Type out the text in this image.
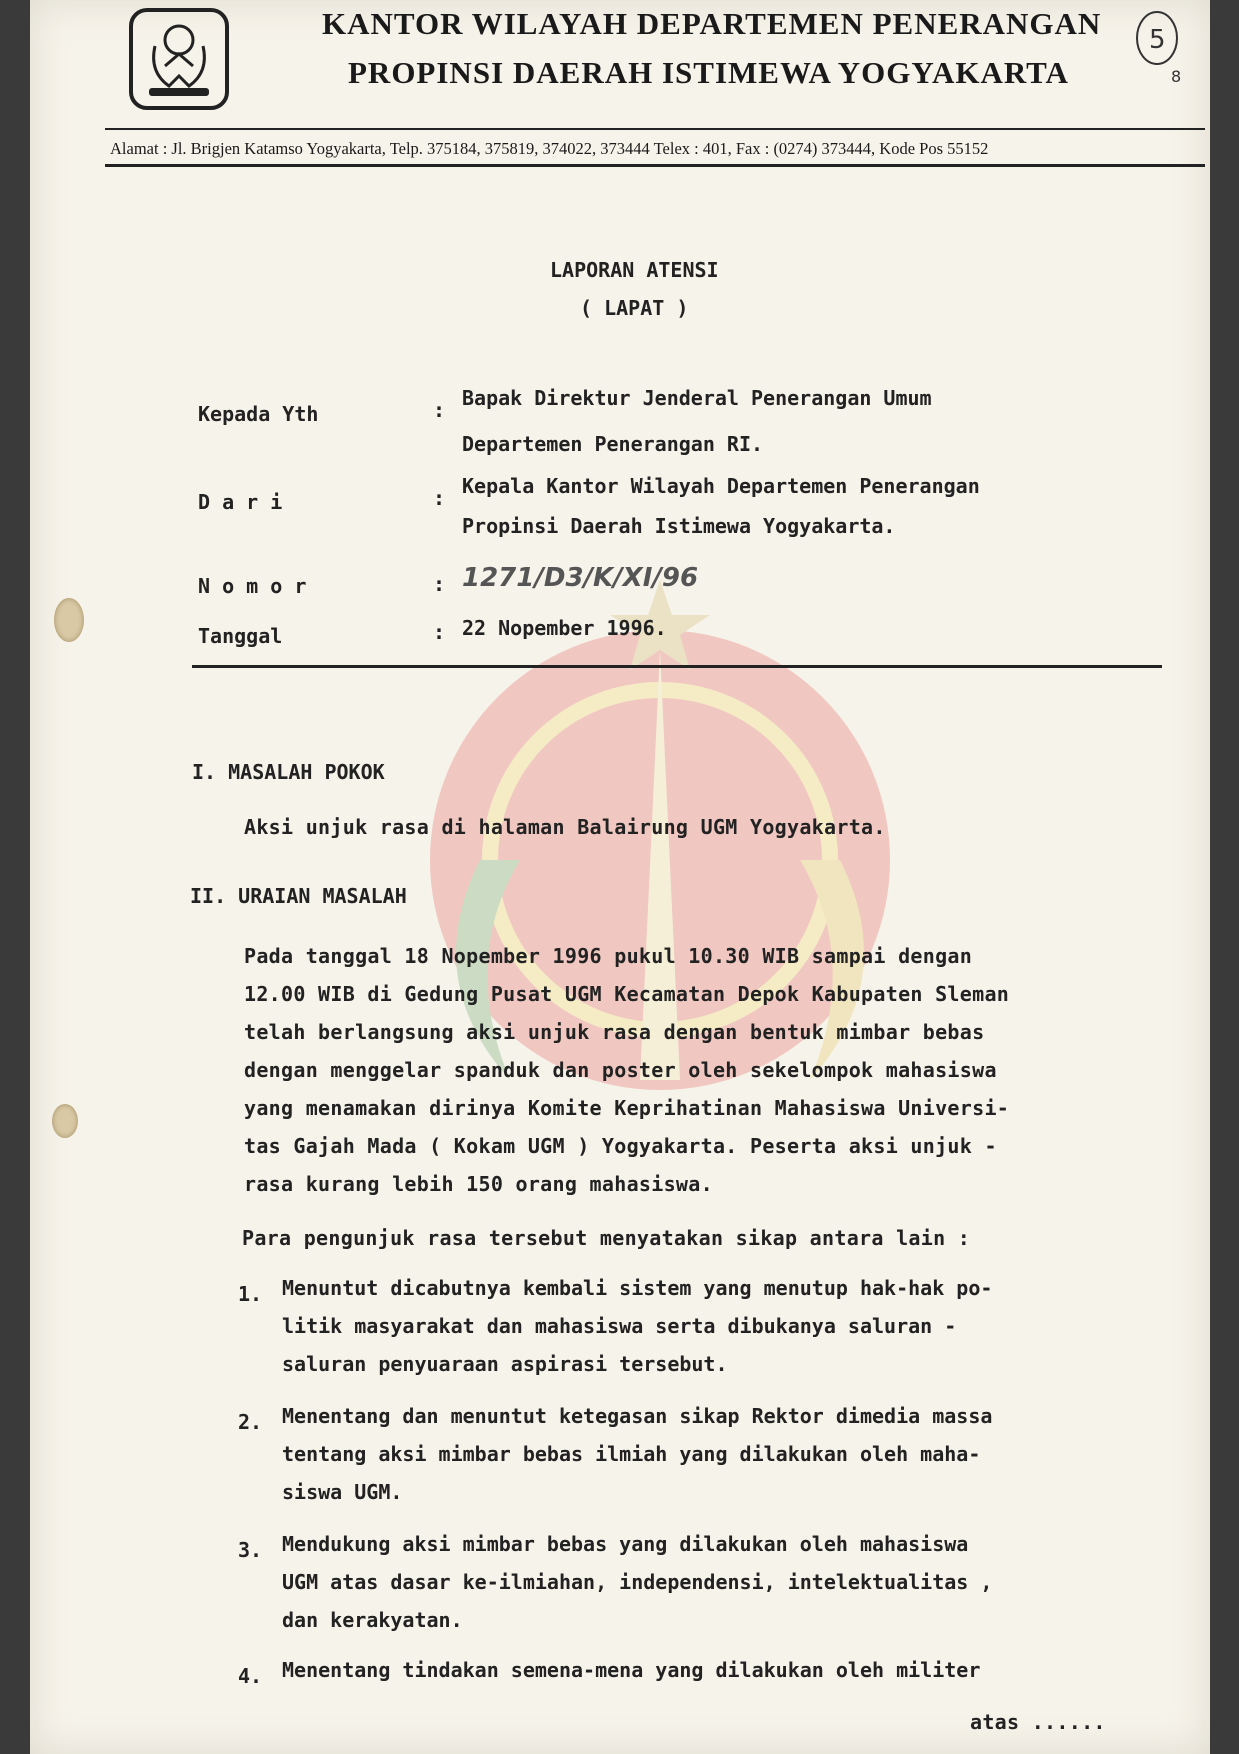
KANTOR WILAYAH DEPARTEMEN PENERANGAN
PROPINSI DAERAH ISTIMEWA YOGYAKARTA
5
8
Alamat : Jl. Brigjen Katamso Yogyakarta, Telp. 375184, 375819, 374022, 373444 Telex : 401, Fax : (0274) 373444, Kode Pos 55152
LAPORAN ATENSI
( LAPAT )
Kepada Yth	: Bapak Direktur Jenderal Penerangan Umum
Departemen Penerangan RI.
D a r i	: Kepala Kantor Wilayah Departemen Penerangan
Propinsi Daerah Istimewa Yogyakarta.
N o m o r	: 1271/D3/K/XI/96
Tanggal	: 22 Nopember 1996.
I. MASALAH POKOK
Aksi unjuk rasa di halaman Balairung UGM Yogyakarta.
II. URAIAN MASALAH
Pada tanggal 18 Nopember 1996 pukul 10.30 WIB sampai dengan
12.00 WIB di Gedung Pusat UGM Kecamatan Depok Kabupaten Sleman
telah berlangsung aksi unjuk rasa dengan bentuk mimbar bebas
dengan menggelar spanduk dan poster oleh sekelompok mahasiswa
yang menamakan dirinya Komite Keprihatinan Mahasiswa Universi-
tas Gajah Mada ( Kokam UGM ) Yogyakarta. Peserta aksi unjuk -
rasa kurang lebih 150 orang mahasiswa.
Para pengunjuk rasa tersebut menyatakan sikap antara lain :
1. Menuntut dicabutnya kembali sistem yang menutup hak-hak po-
litik masyarakat dan mahasiswa serta dibukanya saluran -
saluran penyuaraan aspirasi tersebut.
2. Menentang dan menuntut ketegasan sikap Rektor dimedia massa
tentang aksi mimbar bebas ilmiah yang dilakukan oleh maha-
siswa UGM.
3. Mendukung aksi mimbar bebas yang dilakukan oleh mahasiswa
UGM atas dasar ke-ilmiahan, independensi, intelektualitas ,
dan kerakyatan.
4. Menentang tindakan semena-mena yang dilakukan oleh militer
atas ......
